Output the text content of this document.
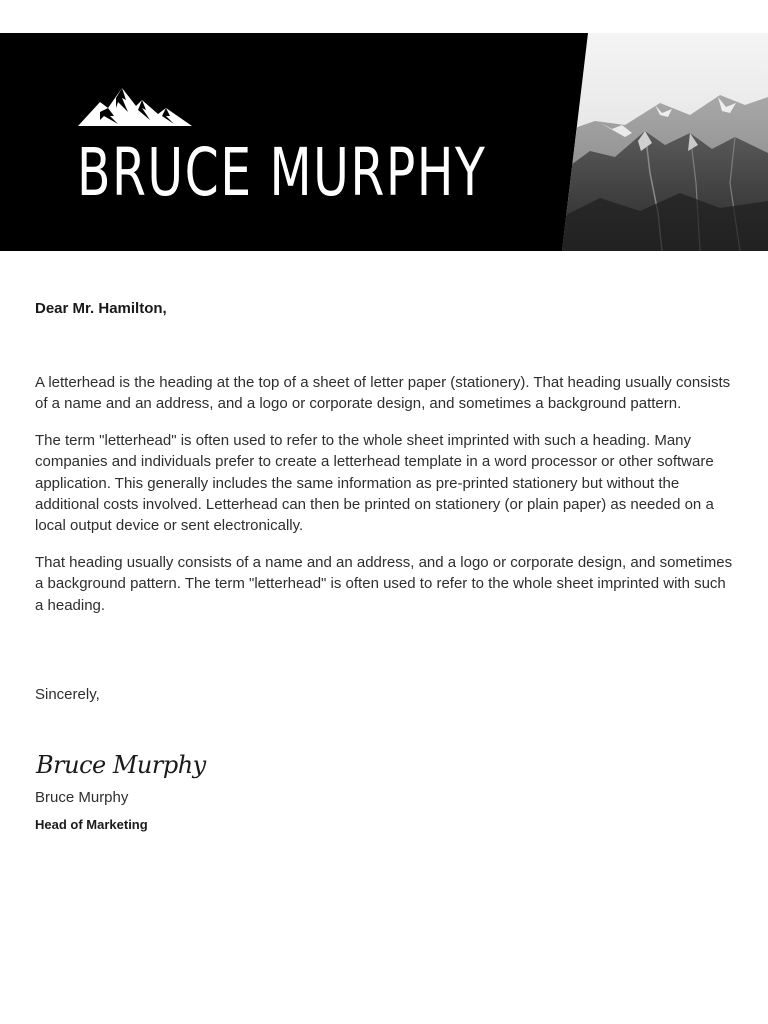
BRUCE MURPHY

Dear Mr. Hamilton,

A letterhead is the heading at the top of a sheet of letter paper (stationery). That heading usually consists of a name and an address, and a logo or corporate design, and sometimes a background pattern.

The term "letterhead" is often used to refer to the whole sheet imprinted with such a heading. Many companies and individuals prefer to create a letterhead template in a word processor or other software application. This generally includes the same information as pre-printed stationery but without the additional costs involved. Letterhead can then be printed on stationery (or plain paper) as needed on a local output device or sent electronically.

That heading usually consists of a name and an address, and a logo or corporate design, and sometimes a background pattern. The term "letterhead" is often used to refer to the whole sheet imprinted with such a heading.

Sincerely,

Bruce Murphy

Bruce Murphy

Head of Marketing
